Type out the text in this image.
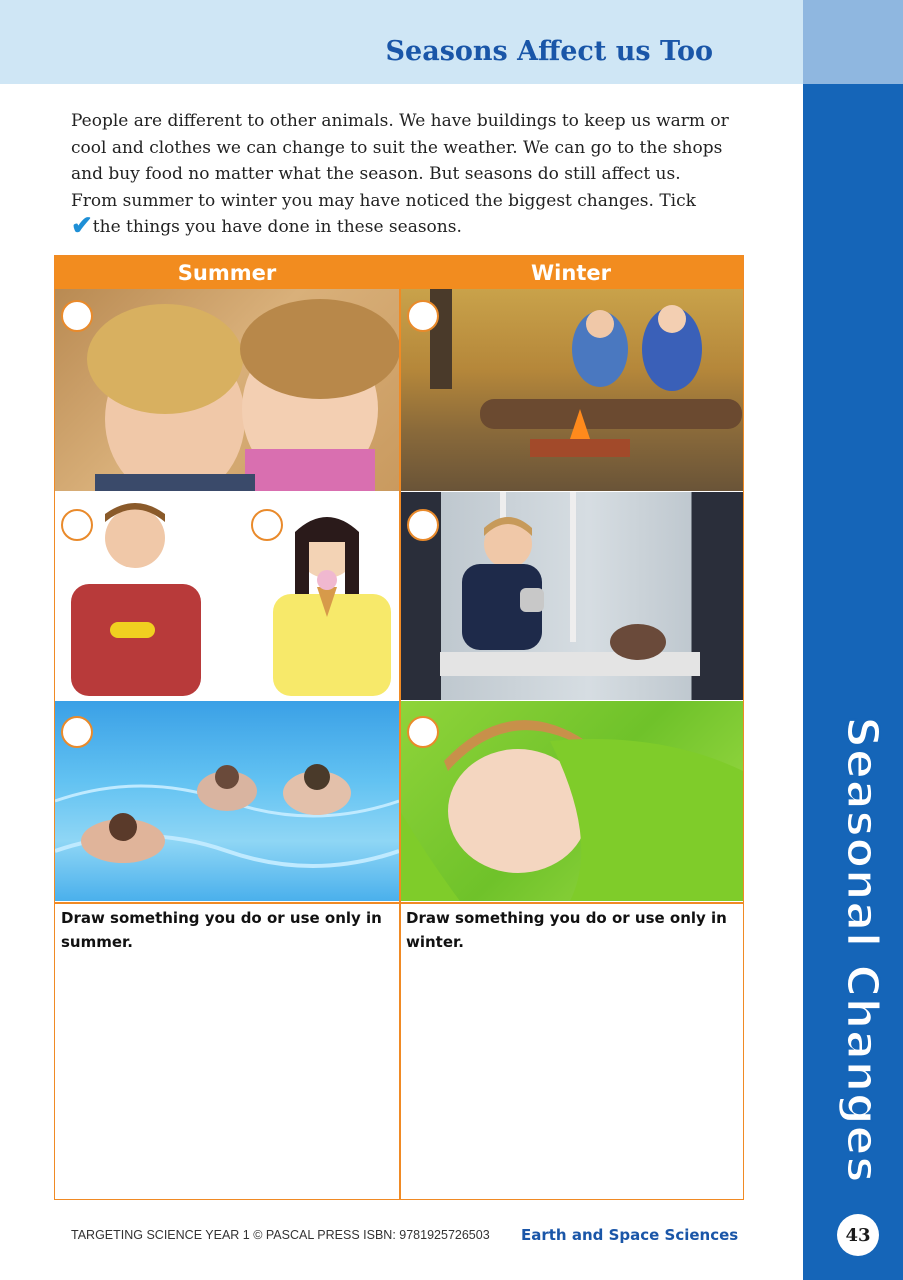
Seasons Affect us Too
Seasonal Changes
43

People are different to other animals. We have buildings to keep us warm or cool and clothes we can change to suit the weather. We can go to the shops and buy food no matter what the season. But seasons do still affect us. From summer to winter you may have noticed the biggest changes. Tick ✔the things you have done in these seasons.

Summer	Winter
Draw something you do or use only in summer.
Draw something you do or use only in winter.
TARGETING SCIENCE YEAR 1 © PASCAL PRESS ISBN: 9781925726503 Earth and Space Sciences
